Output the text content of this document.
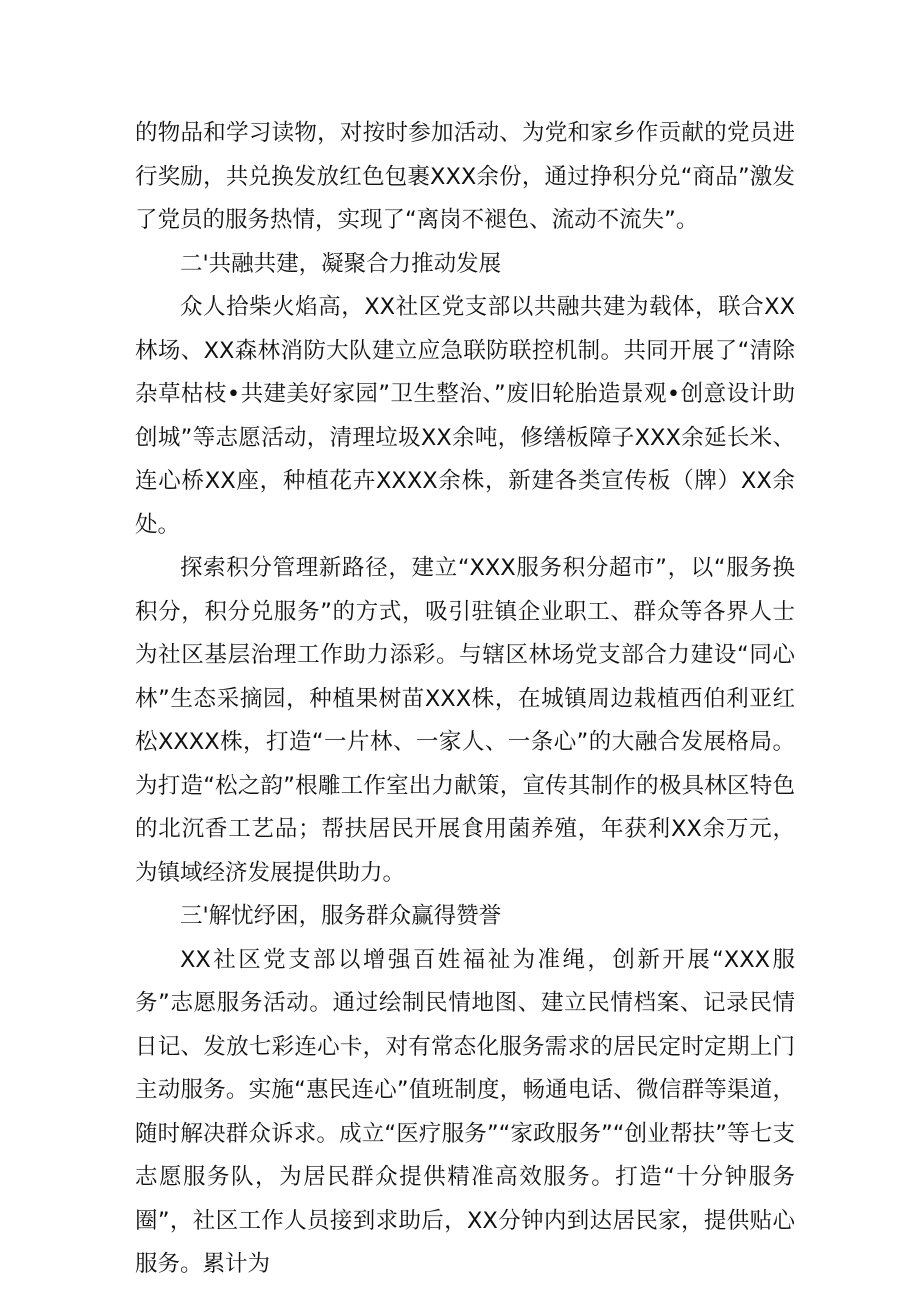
的物品和学习读物，对按时参加活动、为党和家乡作贡献的党员进行奖励，共兑换发放红色包裹XXX余份，通过挣积分兑“商品”激发了党员的服务热情，实现了“离岗不褪色、流动不流失”。

二'共融共建，凝聚合力推动发展

众人拾柴火焰高，XX社区党支部以共融共建为载体，联合XX林场、XX森林消防大队建立应急联防联控机制。共同开展了“清除杂草枯枝•共建美好家园”卫生整治、”废旧轮胎造景观•创意设计助创城”等志愿活动，清理垃圾XX余吨，修缮板障子XXX余延长米、连心桥XX座，种植花卉XXXX余株，新建各类宣传板（牌）XX余处。

探索积分管理新路径，建立“XXX服务积分超市”，以“服务换积分，积分兑服务”的方式，吸引驻镇企业职工、群众等各界人士为社区基层治理工作助力添彩。与辖区林场党支部合力建设“同心林”生态采摘园，种植果树苗XXX株，在城镇周边栽植西伯利亚红松XXXX株，打造“一片林、一家人、一条心”的大融合发展格局。为打造“松之韵”根雕工作室出力献策，宣传其制作的极具林区特色的北沉香工艺品；帮扶居民开展食用菌养殖，年获利XX余万元，为镇域经济发展提供助力。

三'解忧纾困，服务群众赢得赞誉

XX社区党支部以增强百姓福祉为准绳，创新开展“XXX服务”志愿服务活动。通过绘制民情地图、建立民情档案、记录民情日记、发放七彩连心卡，对有常态化服务需求的居民定时定期上门主动服务。实施“惠民连心”值班制度，畅通电话、微信群等渠道，随时解决群众诉求。成立“医疗服务”“家政服务”“创业帮扶”等七支志愿服务队，为居民群众提供精准高效服务。打造“十分钟服务圈”，社区工作人员接到求助后，XX分钟内到达居民家，提供贴心服务。累计为
